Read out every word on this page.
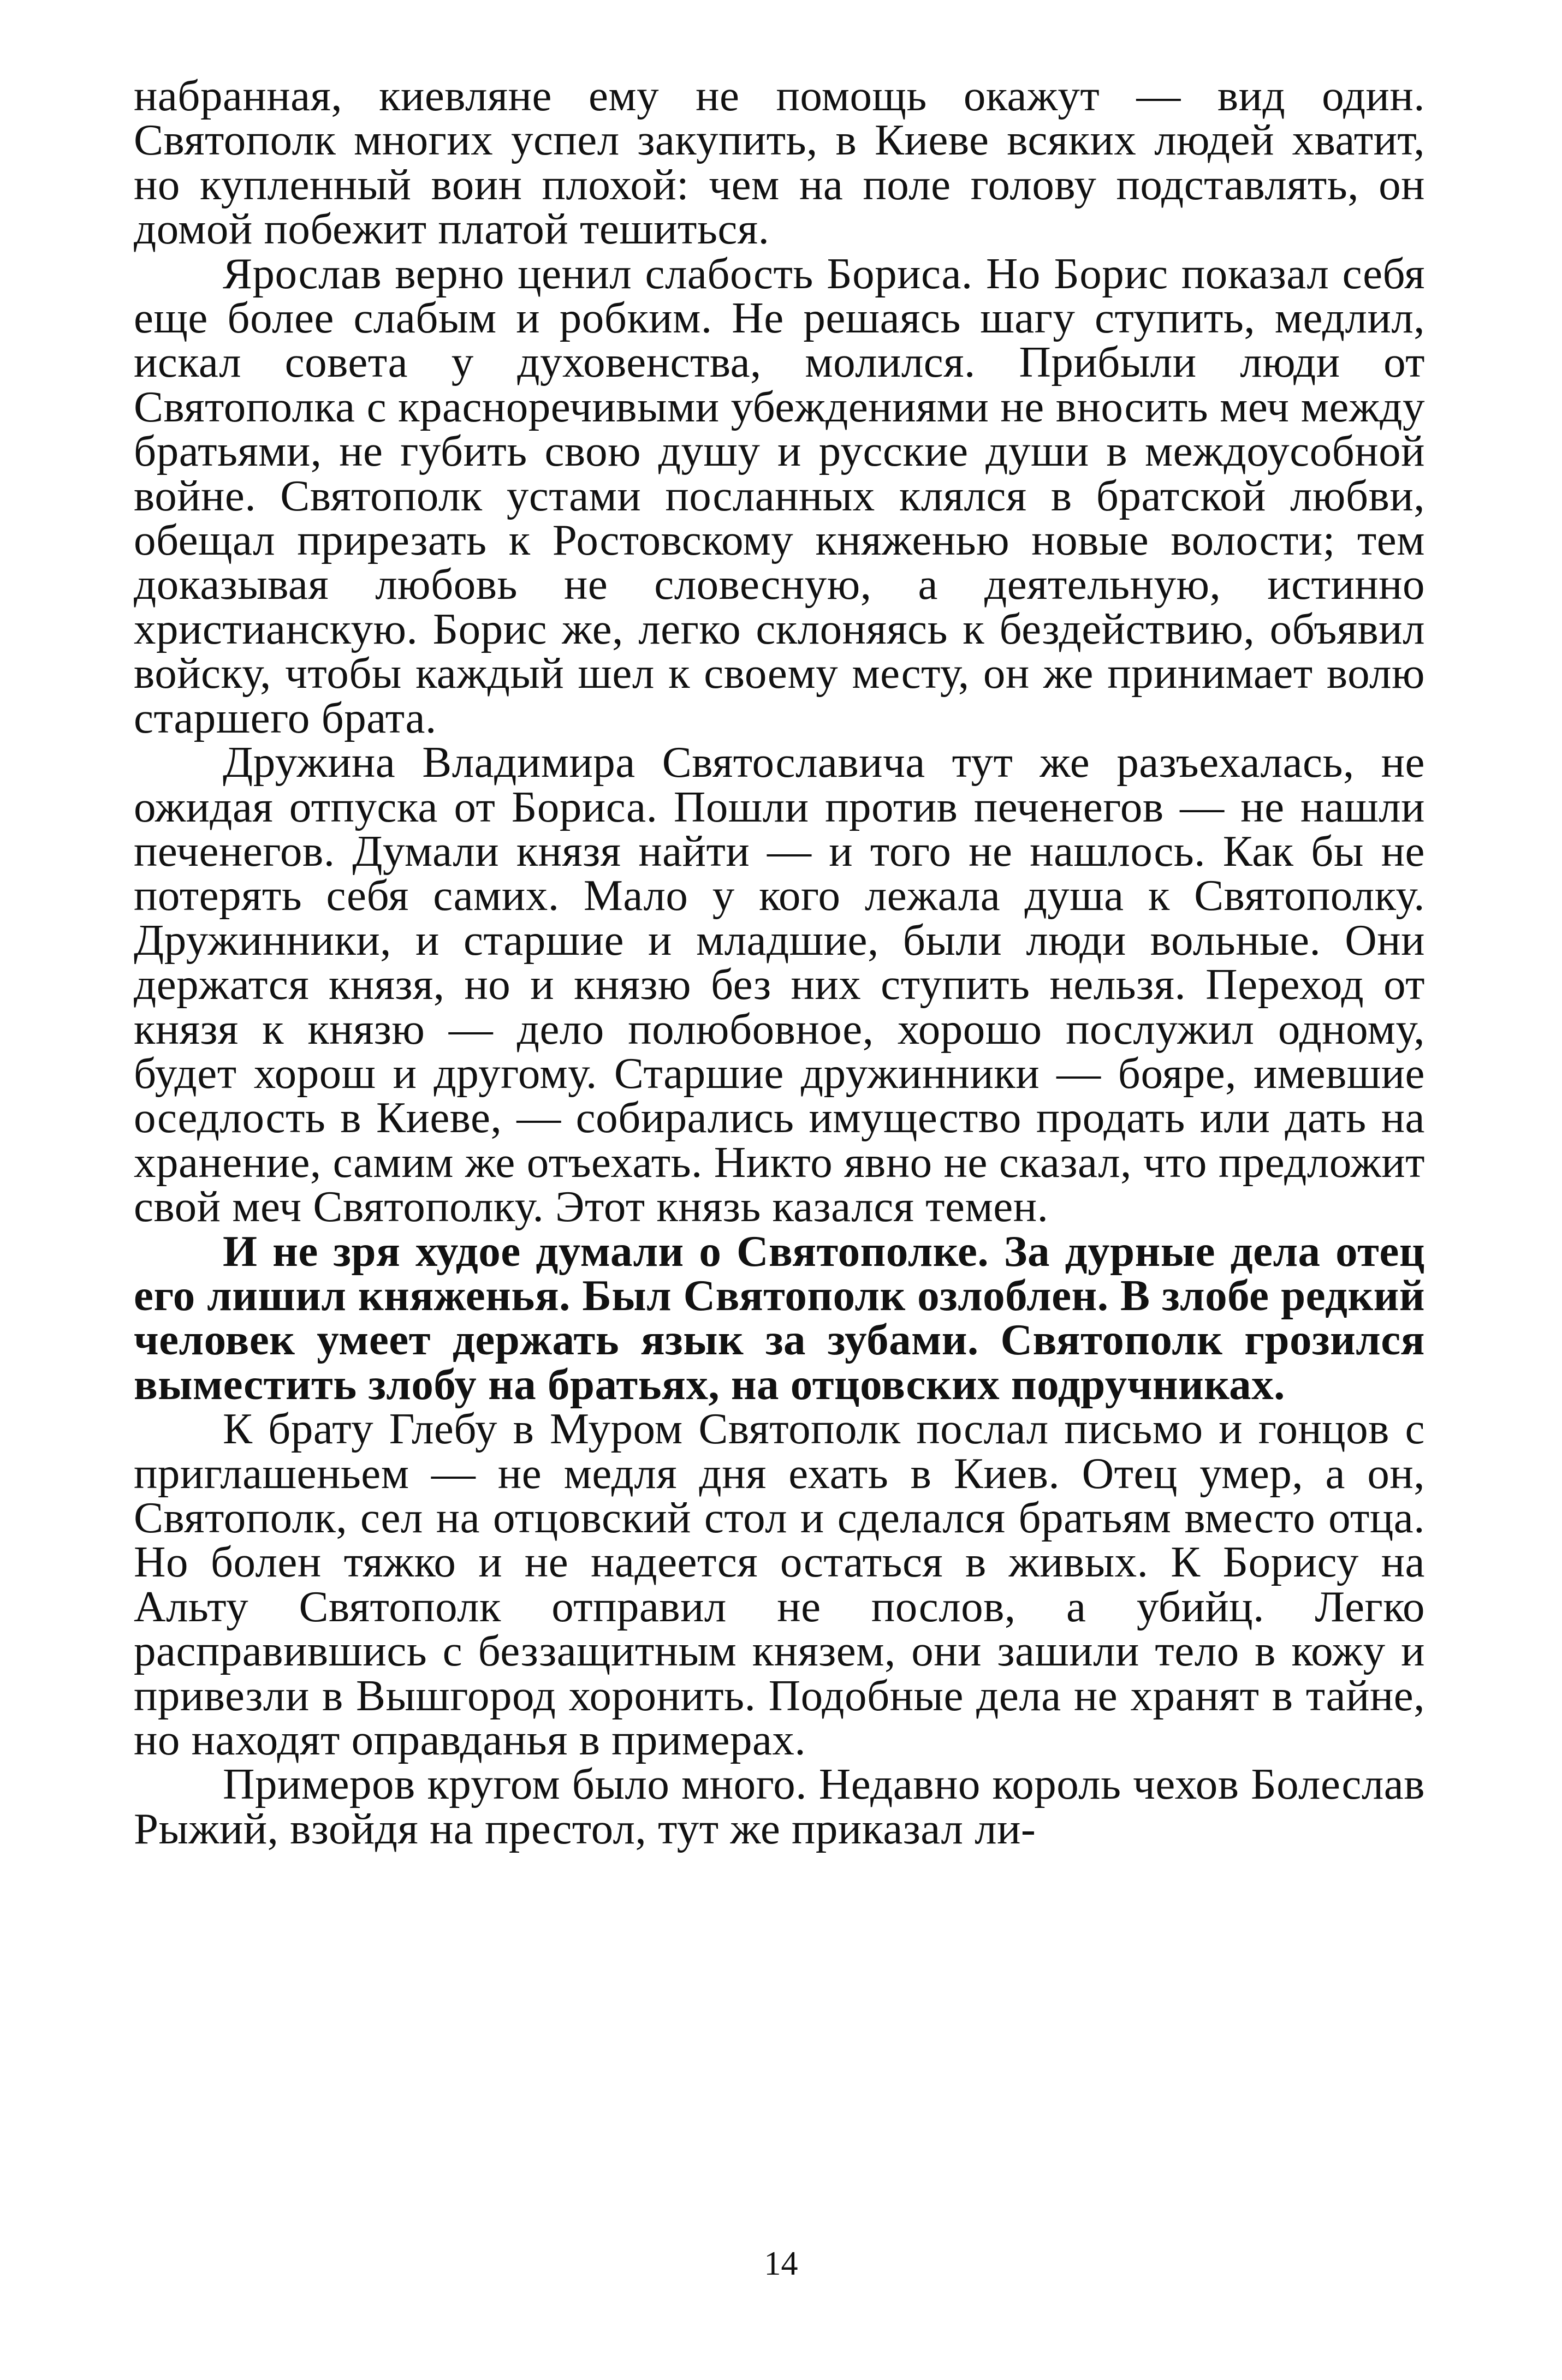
набранная, киевляне ему не помощь окажут — вид один. Святополк многих успел закупить, в Киеве всяких людей хватит, но купленный воин плохой: чем на поле голову подставлять, он домой побежит платой тешиться.

Ярослав верно ценил слабость Бориса. Но Борис показал себя еще более слабым и робким. Не решаясь шагу ступить, медлил, искал совета у духовенства, молился. Прибыли люди от Святополка с красноречивыми убеждениями не вносить меч между братьями, не губить свою душу и русские души в междоусобной войне. Святополк устами посланных клялся в братской любви, обещал прирезать к Ростовскому княженью новые волости; тем доказывая любовь не словесную, а деятельную, истинно христианскую. Борис же, легко склоняясь к бездействию, объявил войску, чтобы каждый шел к своему месту, он же принимает волю старшего брата.

Дружина Владимира Святославича тут же разъехалась, не ожидая отпуска от Бориса. Пошли против печенегов — не нашли печенегов. Думали князя найти — и того не нашлось. Как бы не потерять себя самих. Мало у кого лежала душа к Святополку. Дружинники, и старшие и младшие, были люди вольные. Они держатся князя, но и князю без них ступить нельзя. Переход от князя к князю — дело полюбовное, хорошо послужил одному, будет хорош и другому. Старшие дружинники — бояре, имевшие оседлость в Киеве, — собирались имущество продать или дать на хранение, самим же отъехать. Никто явно не сказал, что предложит свой меч Святополку. Этот князь казался темен.

И не зря худое думали о Святополке. За дурные дела отец его лишил княженья. Был Святополк озлоблен. В злобе редкий человек умеет держать язык за зубами. Святополк грозился выместить злобу на братьях, на отцовских подручниках.

К брату Глебу в Муром Святополк послал письмо и гонцов с приглашеньем — не медля дня ехать в Киев. Отец умер, а он, Святополк, сел на отцовский стол и сделался братьям вместо отца. Но болен тяжко и не надеется остаться в живых. К Борису на Альту Святополк отправил не послов, а убийц. Легко расправившись с беззащитным князем, они зашили тело в кожу и привезли в Вышгород хоронить. Подобные дела не хранят в тайне, но находят оправданья в примерах.

Примеров кругом было много. Недавно король чехов Болеслав Рыжий, взойдя на престол, тут же приказал ли-

14
